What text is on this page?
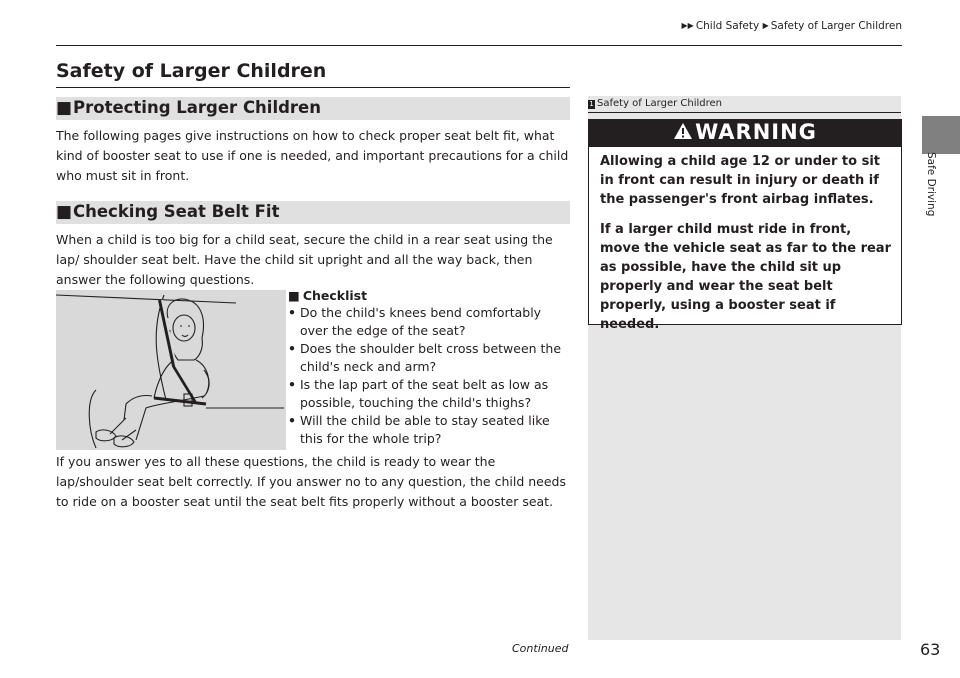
▶▶ Child Safety ▶ Safety of Larger Children
Safe Driving
Safety of Larger Children
■ Protecting Larger Children
The following pages give instructions on how to check proper seat belt fit, what kind of booster seat to use if one is needed, and important precautions for a child who must sit in front.
■ Checking Seat Belt Fit
When a child is too big for a child seat, secure the child in a rear seat using the lap/ shoulder seat belt. Have the child sit upright and all the way back, then answer the following questions.
■ Checklist
• Do the child's knees bend comfortably over the edge of the seat?
• Does the shoulder belt cross between the child's neck and arm?
• Is the lap part of the seat belt as low as possible, touching the child's thighs?
• Will the child be able to stay seated like this for the whole trip?
If you answer yes to all these questions, the child is ready to wear the lap/shoulder seat belt correctly. If you answer no to any question, the child needs to ride on a booster seat until the seat belt fits properly without a booster seat.
1 Safety of Larger Children
WARNING
Allowing a child age 12 or under to sit in front can result in injury or death if the passenger's front airbag inflates.
If a larger child must ride in front, move the vehicle seat as far to the rear as possible, have the child sit up properly and wear the seat belt properly, using a booster seat if needed.
Continued	63
